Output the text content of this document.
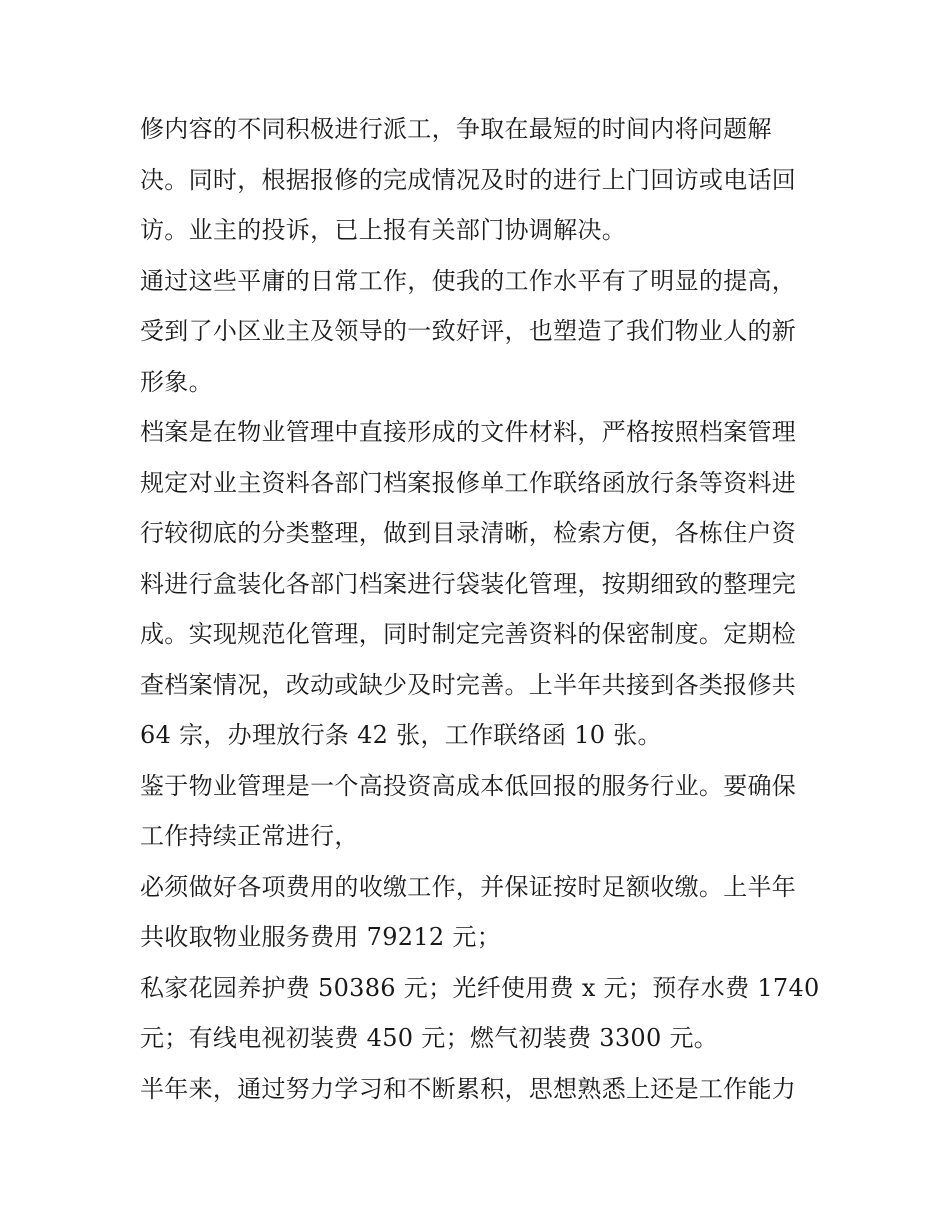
修内容的不同积极进行派工，争取在最短的时间内将问题解
决。同时，根据报修的完成情况及时的进行上门回访或电话回
访。业主的投诉，已上报有关部门协调解决。
通过这些平庸的日常工作，使我的工作水平有了明显的提高，
受到了小区业主及领导的一致好评，也塑造了我们物业人的新
形象。
档案是在物业管理中直接形成的文件材料，严格按照档案管理
规定对业主资料各部门档案报修单工作联络函放行条等资料进
行较彻底的分类整理，做到目录清晰，检索方便，各栋住户资
料进行盒装化各部门档案进行袋装化管理，按期细致的整理完
成。实现规范化管理，同时制定完善资料的保密制度。定期检
查档案情况，改动或缺少及时完善。上半年共接到各类报修共
64 宗，办理放行条 42 张，工作联络函 10 张。
鉴于物业管理是一个高投资高成本低回报的服务行业。要确保
工作持续正常进行，
必须做好各项费用的收缴工作，并保证按时足额收缴。上半年
共收取物业服务费用 79212 元；
私家花园养护费 50386 元；光纤使用费 x 元；预存水费 1740
元；有线电视初装费 450 元；燃气初装费 3300 元。
半年来，通过努力学习和不断累积，思想熟悉上还是工作能力
